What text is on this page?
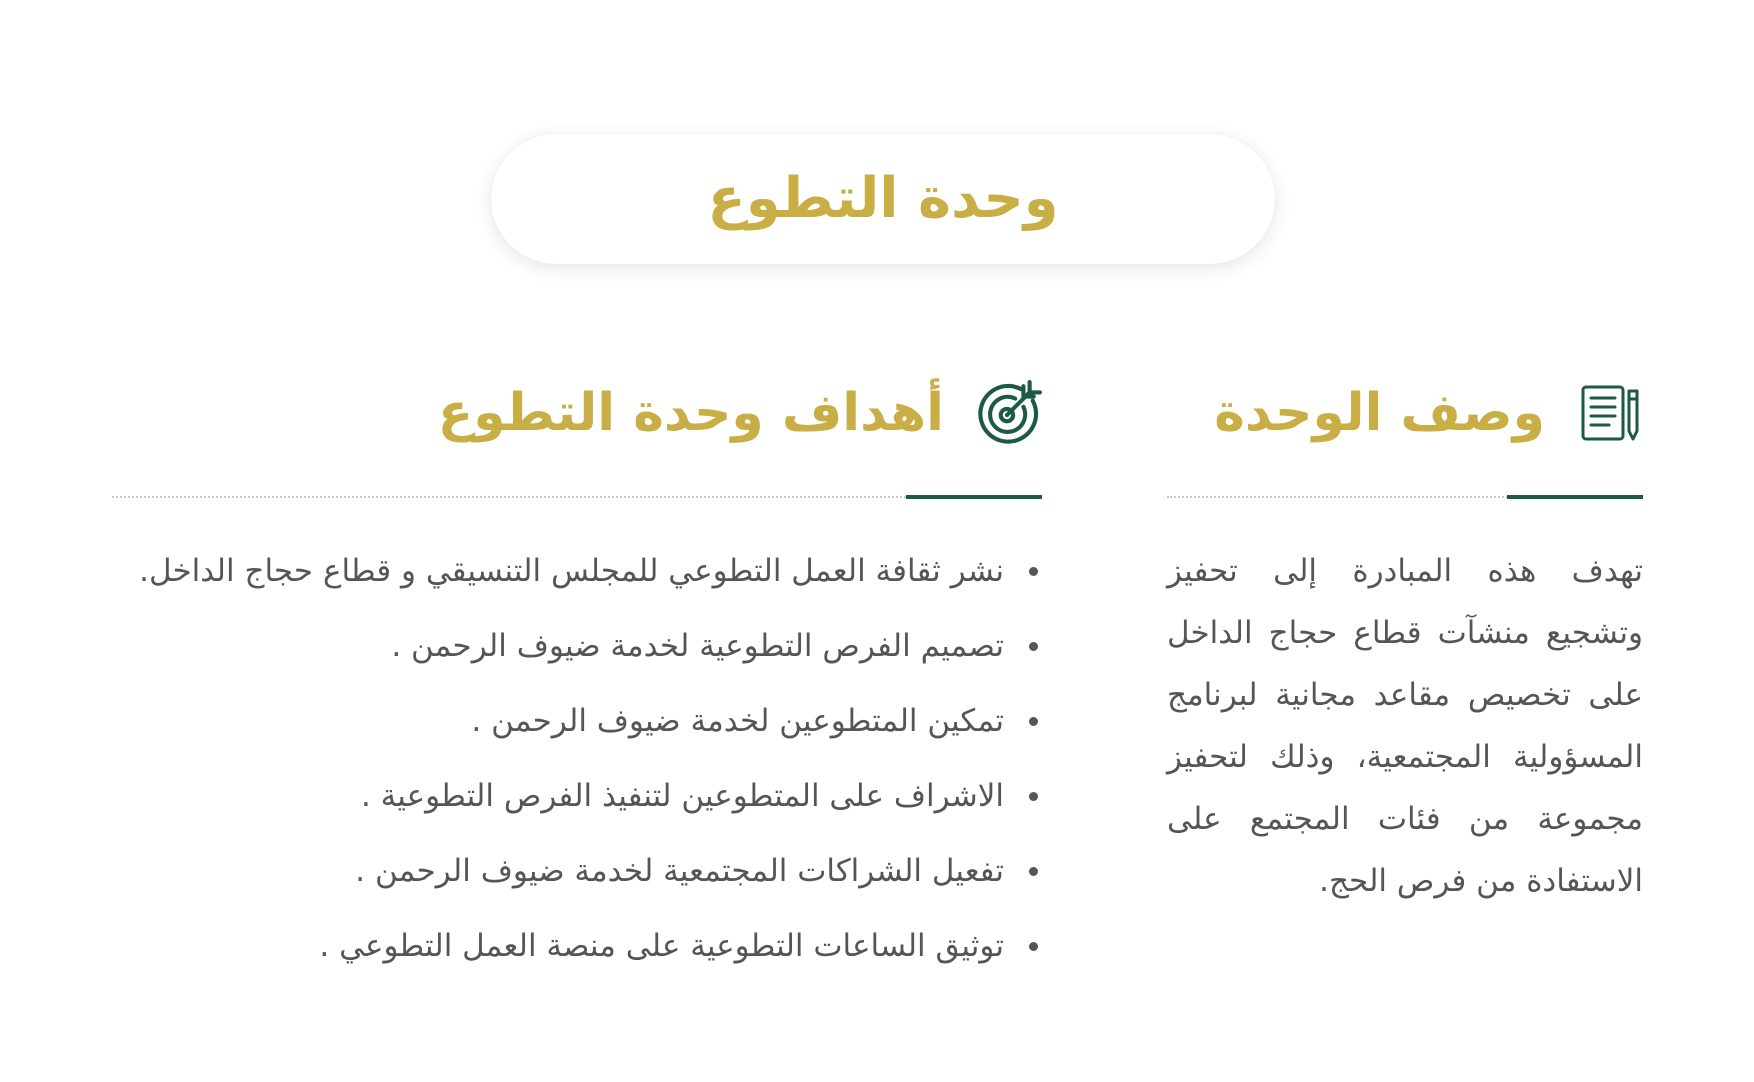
وحدة التطوع
وصف الوحدة

تهدف هذه المبادرة إلى تحفيز وتشجيع منشآت قطاع حجاج الداخل على تخصيص مقاعد مجانية لبرنامج المسؤولية المجتمعية، وذلك لتحفيز مجموعة من فئات المجتمع على الاستفادة من فرص الحج.

أهداف وحدة التطوع
نشر ثقافة العمل التطوعي للمجلس التنسيقي و قطاع حجاج الداخل.
تصميم الفرص التطوعية لخدمة ضيوف الرحمن .
تمكين المتطوعين لخدمة ضيوف الرحمن .
الاشراف على المتطوعين لتنفيذ الفرص التطوعية .
تفعيل الشراكات المجتمعية لخدمة ضيوف الرحمن .
توثيق الساعات التطوعية على منصة العمل التطوعي .
